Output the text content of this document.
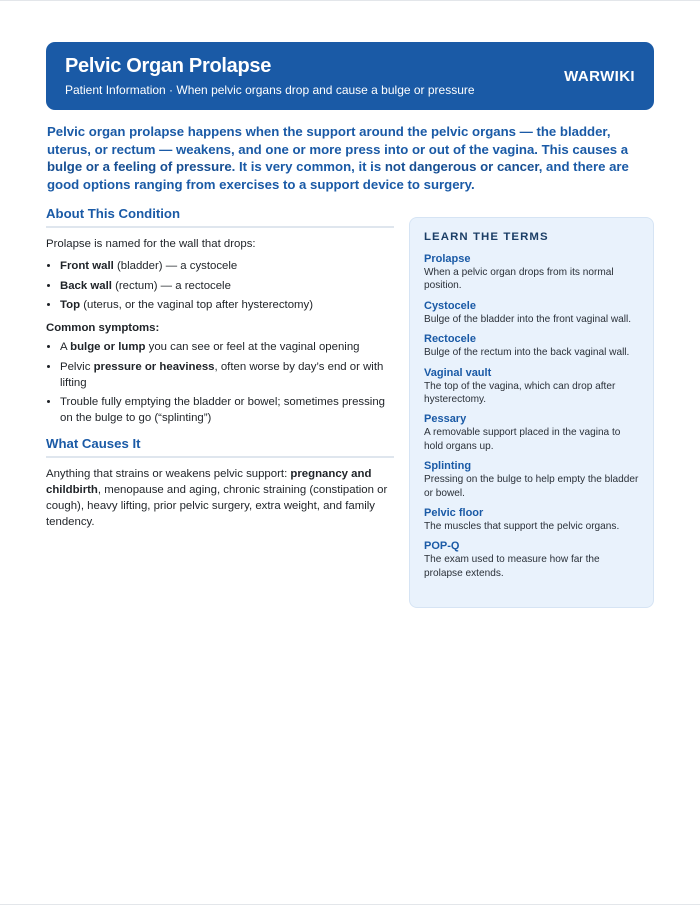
Pelvic Organ Prolapse
Patient Information · When pelvic organs drop and cause a bulge or pressure
WARWIKI
Pelvic organ prolapse happens when the support around the pelvic organs — the bladder, uterus, or rectum — weakens, and one or more press into or out of the vagina. This causes a bulge or a feeling of pressure. It is very common, it is not dangerous or cancer, and there are good options ranging from exercises to a support device to surgery.
About This Condition
Prolapse is named for the wall that drops:
• Front wall (bladder) — a cystocele
• Back wall (rectum) — a rectocele
• Top (uterus, or the vaginal top after hysterectomy)
Common symptoms:
• A bulge or lump you can see or feel at the vaginal opening
• Pelvic pressure or heaviness, often worse by day’s end or with lifting
• Trouble fully emptying the bladder or bowel; sometimes pressing on the bulge to go (“splinting”)
What Causes It
Anything that strains or weakens pelvic support: pregnancy and childbirth, menopause and aging, chronic straining (constipation or cough), heavy lifting, prior pelvic surgery, extra weight, and family tendency.
LEARN THE TERMS
Prolapse
When a pelvic organ drops from its normal position.
Cystocele
Bulge of the bladder into the front vaginal wall.
Rectocele
Bulge of the rectum into the back vaginal wall.
Vaginal vault
The top of the vagina, which can drop after hysterectomy.
Pessary
A removable support placed in the vagina to hold organs up.
Splinting
Pressing on the bulge to help empty the bladder or bowel.
Pelvic floor
The muscles that support the pelvic organs.
POP-Q
The exam used to measure how far the prolapse extends.
